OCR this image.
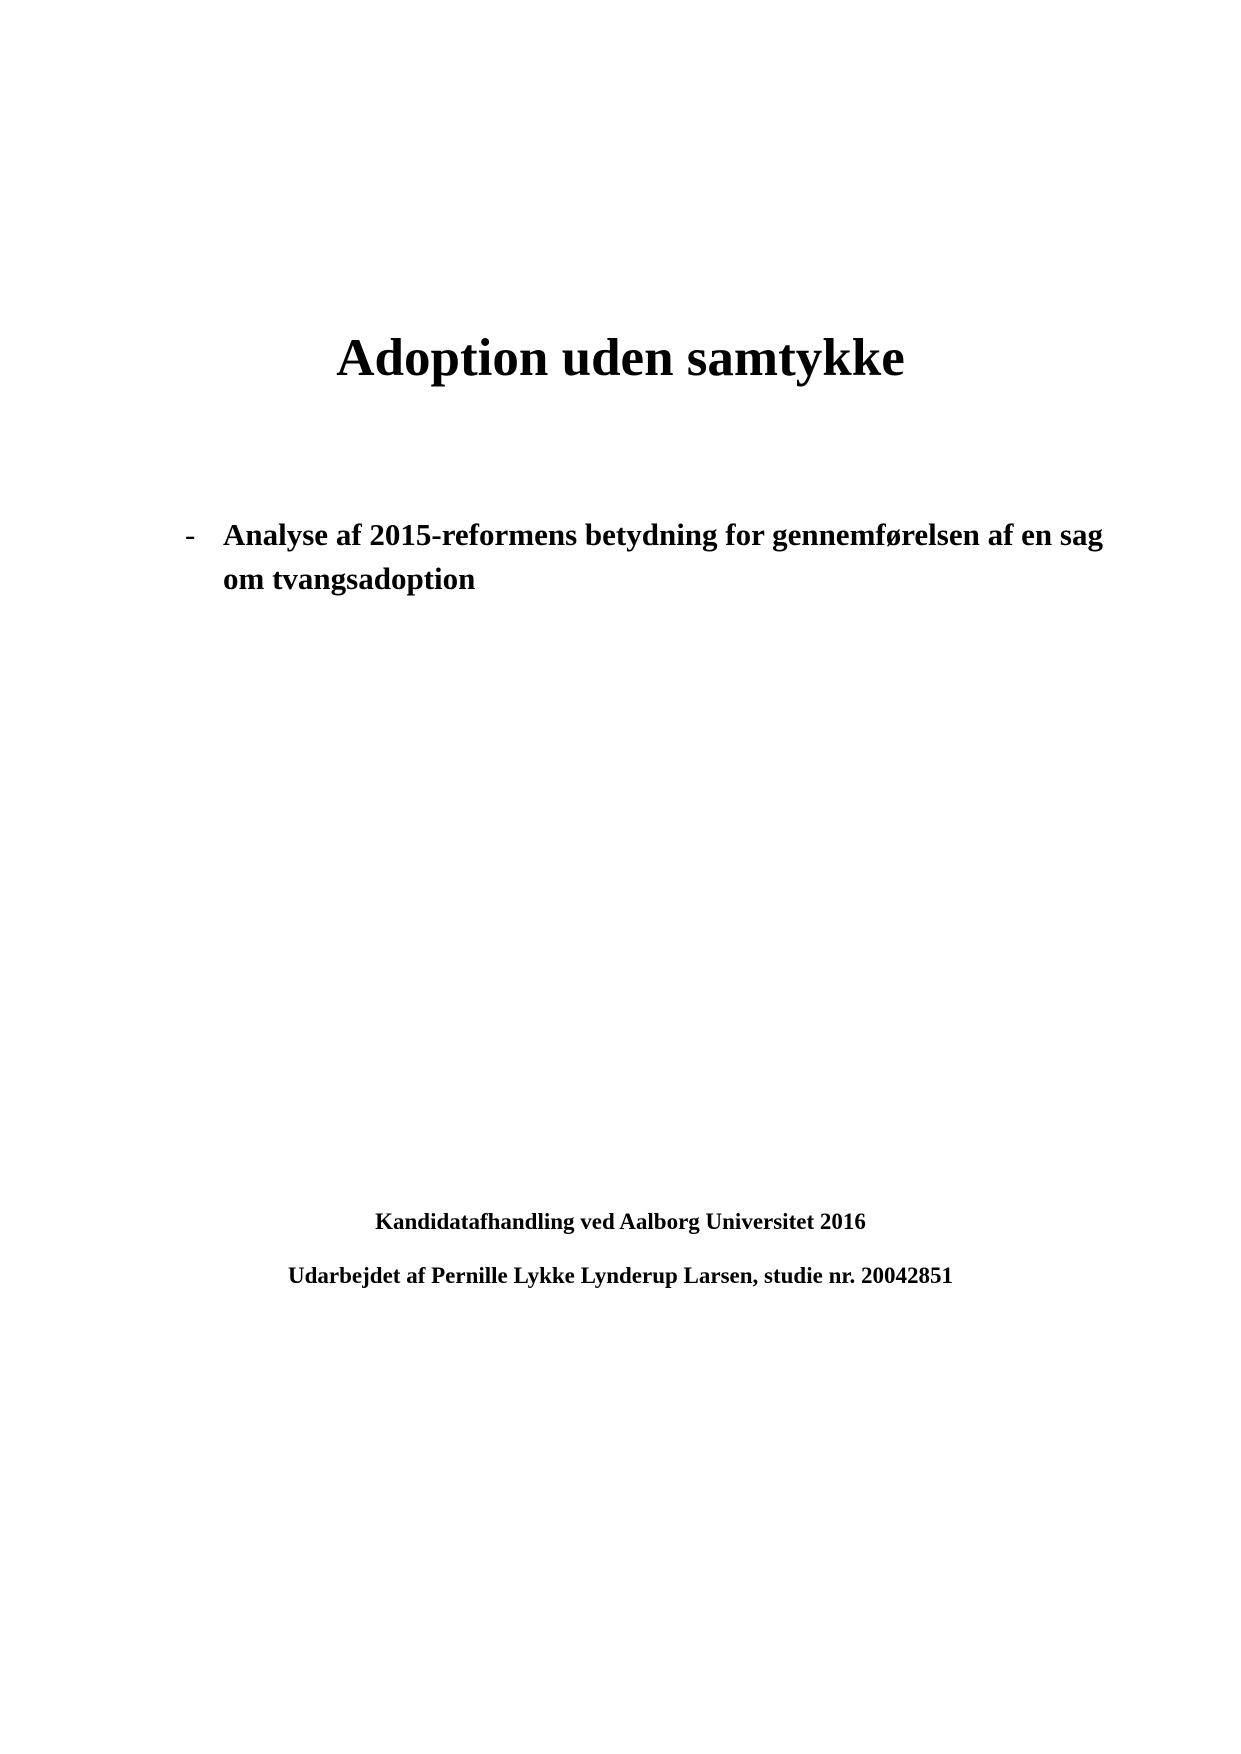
Adoption uden samtykke
- Analyse af 2015-reformens betydning for gennemførelsen af en sag om tvangsadoption

Kandidatafhandling ved Aalborg Universitet 2016

Udarbejdet af Pernille Lykke Lynderup Larsen, studie nr. 20042851
